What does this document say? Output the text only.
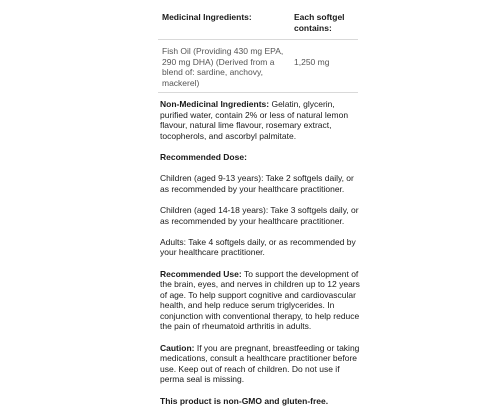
Medicinal Ingredients:	Each softgel contains:
Fish Oil (Providing 430 mg EPA, 290 mg DHA) (Derived from a blend of: sardine, anchovy, mackerel)	1,250 mg

Non-Medicinal Ingredients: Gelatin, glycerin, purified water, contain 2% or less of natural lemon flavour, natural lime flavour, rosemary extract, tocopherols, and ascorbyl palmitate.

Recommended Dose:

Children (aged 9-13 years): Take 2 softgels daily, or as recommended by your healthcare practitioner.

Children (aged 14-18 years): Take 3 softgels daily, or as recommended by your healthcare practitioner.

Adults: Take 4 softgels daily, or as recommended by your healthcare practitioner.

Recommended Use: To support the development of the brain, eyes, and nerves in children up to 12 years of age. To help support cognitive and cardiovascular health, and help reduce serum triglycerides. In conjunction with conventional therapy, to help reduce the pain of rheumatoid arthritis in adults.

Caution: If you are pregnant, breastfeeding or taking medications, consult a healthcare practitioner before use. Keep out of reach of children. Do not use if perma seal is missing.

This product is non-GMO and gluten-free.
